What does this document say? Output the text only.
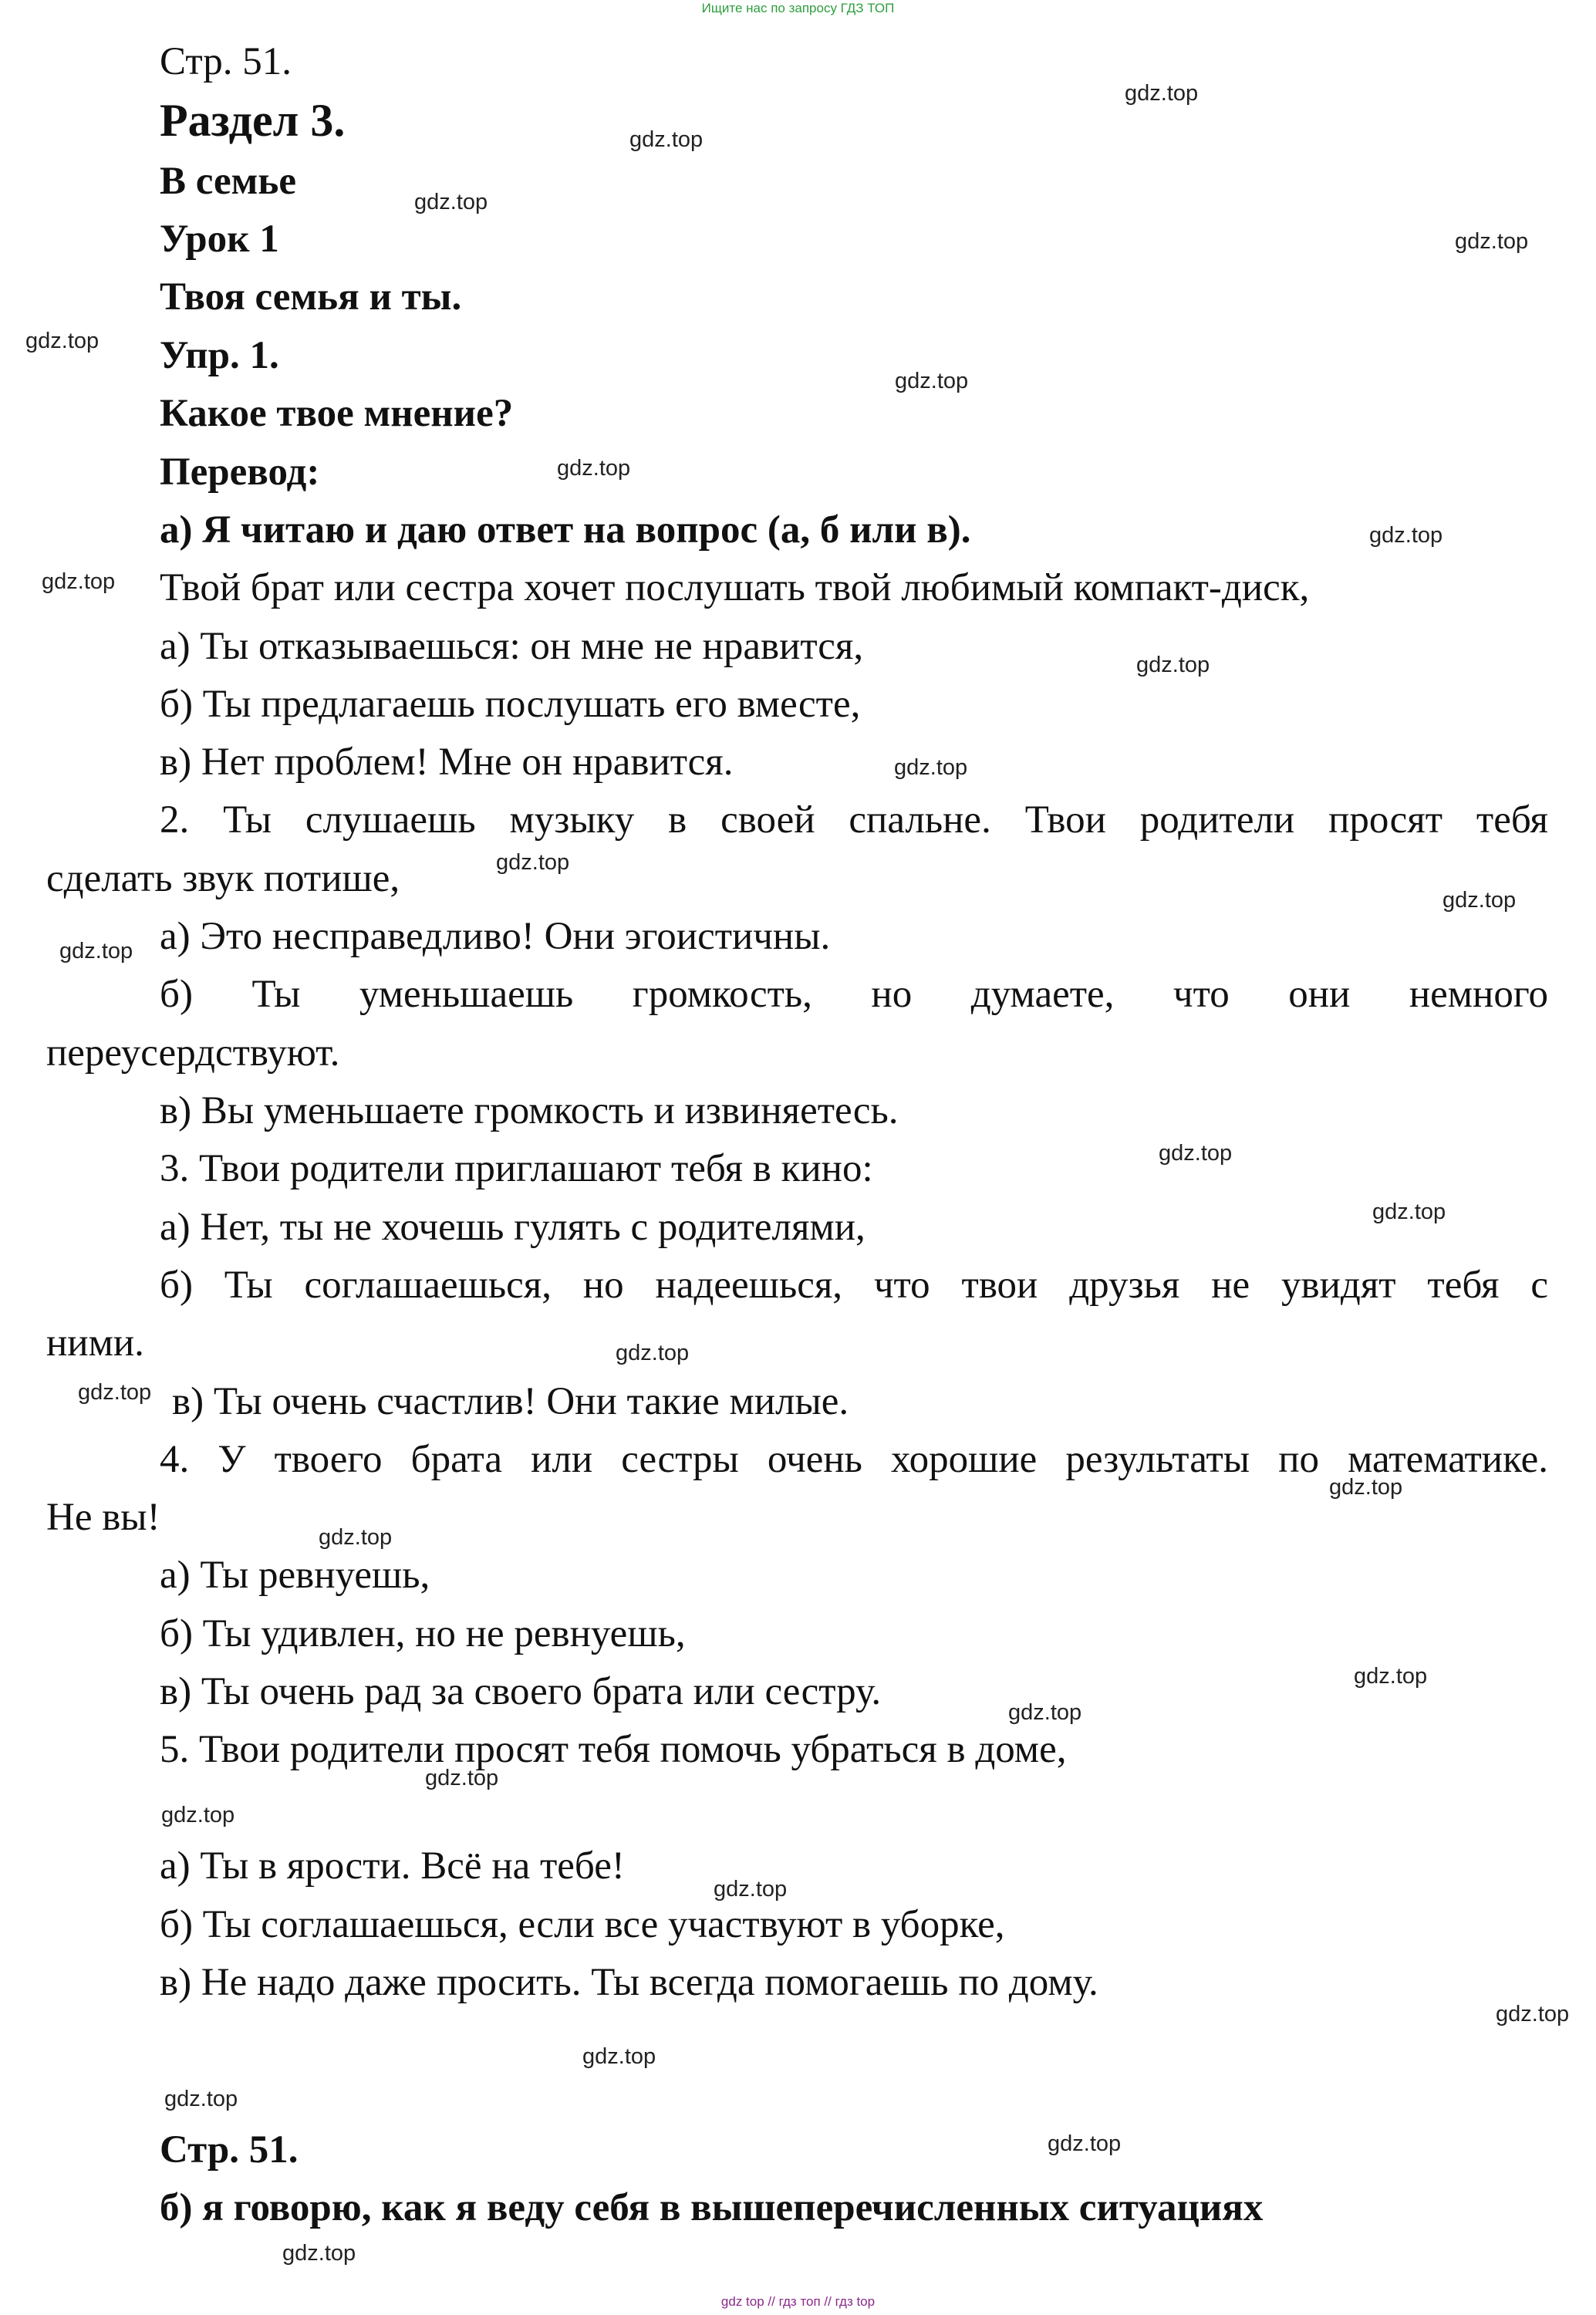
Ищите нас по запросу ГДЗ ТОП
Стр. 51.
Раздел 3.
В семье
Урок 1
Твоя семья и ты.
Упр. 1.
Какое твое мнение?
Перевод:
а) Я читаю и даю ответ на вопрос (а, б или в).
Твой брат или сестра хочет послушать твой любимый компакт-диск,
а) Ты отказываешься: он мне не нравится,
б) Ты предлагаешь послушать его вместе,
в) Нет проблем! Мне он нравится.
2. Ты слушаешь музыку в своей спальне. Твои родители просят тебя
сделать звук потише,
а) Это несправедливо! Они эгоистичны.
б) Ты уменьшаешь громкость, но думаете, что они немного
переусердствуют.
в) Вы уменьшаете громкость и извиняетесь.
3. Твои родители приглашают тебя в кино:
а) Нет, ты не хочешь гулять с родителями,
б) Ты соглашаешься, но надеешься, что твои друзья не увидят тебя с
ними.
в) Ты очень счастлив! Они такие милые.
4. У твоего брата или сестры очень хорошие результаты по математике.
Не вы!
а) Ты ревнуешь,
б) Ты удивлен, но не ревнуешь,
в) Ты очень рад за своего брата или сестру.
5. Твои родители просят тебя помочь убраться в доме,
а) Ты в ярости. Всё на тебе!
б) Ты соглашаешься, если все участвуют в уборке,
в) Не надо даже просить. Ты всегда помогаешь по дому.
Стр. 51.
б) я говорю, как я веду себя в вышеперечисленных ситуациях
gdz.top
gdz.top
gdz.top
gdz.top
gdz.top
gdz.top
gdz.top
gdz.top
gdz.top
gdz.top
gdz.top
gdz.top
gdz.top
gdz.top
gdz.top
gdz.top
gdz.top
gdz.top
gdz.top
gdz.top
gdz.top
gdz.top
gdz.top
gdz.top
gdz.top
gdz.top
gdz.top
gdz.top
gdz.top
gdz.top
gdz top // гдз топ // гдз top
